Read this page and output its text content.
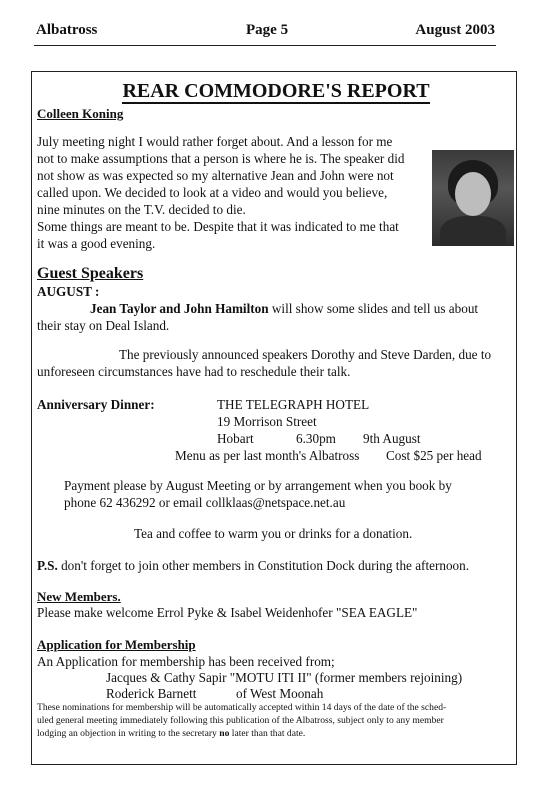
Albatross	Page 5	August 2003
REAR COMMODORE'S REPORT
Colleen Koning
July meeting night I would rather forget about. And a lesson for me
not to make assumptions that a person is where he is. The speaker did
not show as was expected so my alternative Jean and John were not
called upon. We decided to look at a video and would you believe,
nine minutes on the T.V. decided to die.
Some things are meant to be. Despite that it was indicated to me that
it was a good evening.
Guest Speakers
AUGUST :
Jean Taylor and John Hamilton will show some slides and tell us about
their stay on Deal Island.
The previously announced speakers Dorothy and Steve Darden, due to
unforeseen circumstances have had to reschedule their talk.
Anniversary Dinner:	THE TELEGRAPH HOTEL
19 Morrison Street
Hobart	6.30pm 9th August
Menu as per last month's Albatross Cost $25 per head
Payment please by August Meeting or by arrangement when you book by
phone 62 436292 or email collklaas@netspace.net.au
Tea and coffee to warm you or drinks for a donation.
P.S. don't forget to join other members in Constitution Dock during the afternoon.
New Members.
Please make welcome Errol Pyke & Isabel Weidenhofer "SEA EAGLE"
Application for Membership
An Application for membership has been received from;
Jacques & Cathy Sapir "MOTU ITI II" (former members rejoining)
Roderick Barnett	of West Moonah
These nominations for membership will be automatically accepted within 14 days of the date of the sched-
uled general meeting immediately following this publication of the Albatross, subject only to any member
lodging an objection in writing to the secretary no later than that date.
